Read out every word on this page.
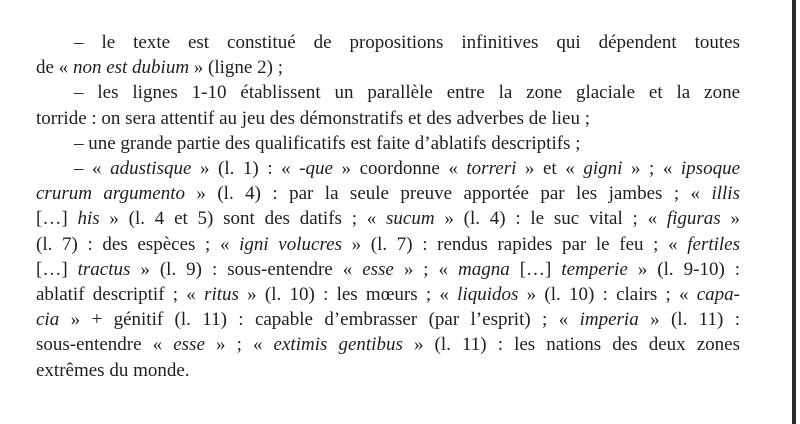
– le texte est constitué de propositions infinitives qui dépendent toutes
de « non est dubium » (ligne 2) ;
– les lignes 1-10 établissent un parallèle entre la zone glaciale et la zone
torride : on sera attentif au jeu des démonstratifs et des adverbes de lieu ;
– une grande partie des qualificatifs est faite d’ablatifs descriptifs ;
– « adustisque » (l. 1) : « -que » coordonne « torreri » et « gigni » ; « ipsoque
crurum argumento » (l. 4) : par la seule preuve apportée par les jambes ; « illis
[…] his » (l. 4 et 5) sont des datifs ; « sucum » (l. 4) : le suc vital ; « figuras »
(l. 7) : des espèces ; « igni volucres » (l. 7) : rendus rapides par le feu ; « fertiles
[…] tractus » (l. 9) : sous-entendre « esse » ; « magna […] temperie » (l. 9-10) :
ablatif descriptif ; « ritus » (l. 10) : les mœurs ; « liquidos » (l. 10) : clairs ; « capa-
cia » + génitif (l. 11) : capable d’embrasser (par l’esprit) ; « imperia » (l. 11) :
sous-entendre « esse » ; « extimis gentibus » (l. 11) : les nations des deux zones
extrêmes du monde.
